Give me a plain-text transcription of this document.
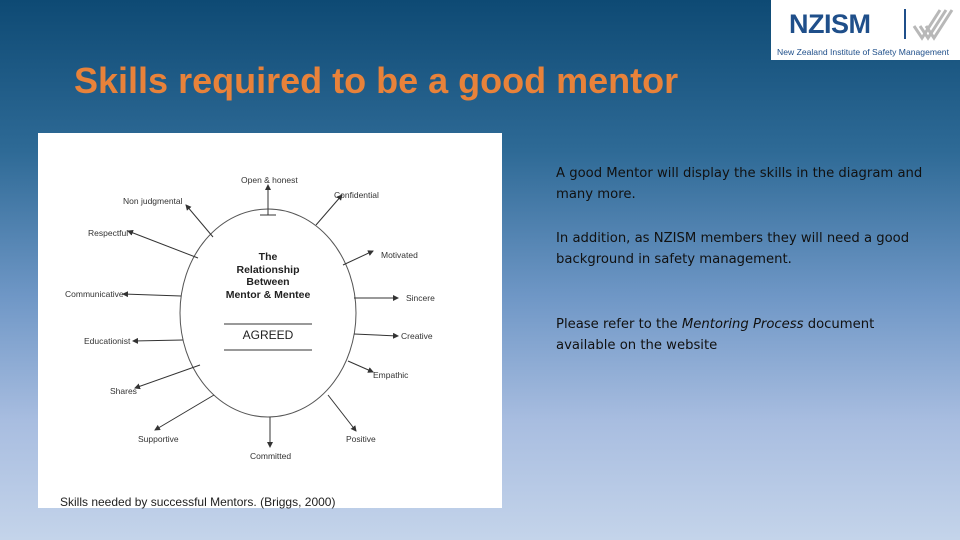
NZISM
New Zealand Institute of Safety Management
Skills required to be a good mentor
Open & honest
Confidential
Non judgmental
Respectful
Motivated
Communicative	Sincere
Educationist	Creative
Empathic
Shares
Supportive	Positive
Committed
The
Relationship
Between
Mentor & Mentee
AGREED
Skills needed by successful Mentors. (Briggs, 2000)

A good Mentor will display the skills in the diagram and many more.

In addition, as NZISM members they will need a good background in safety management.

Please refer to the Mentoring Process document available on the website
